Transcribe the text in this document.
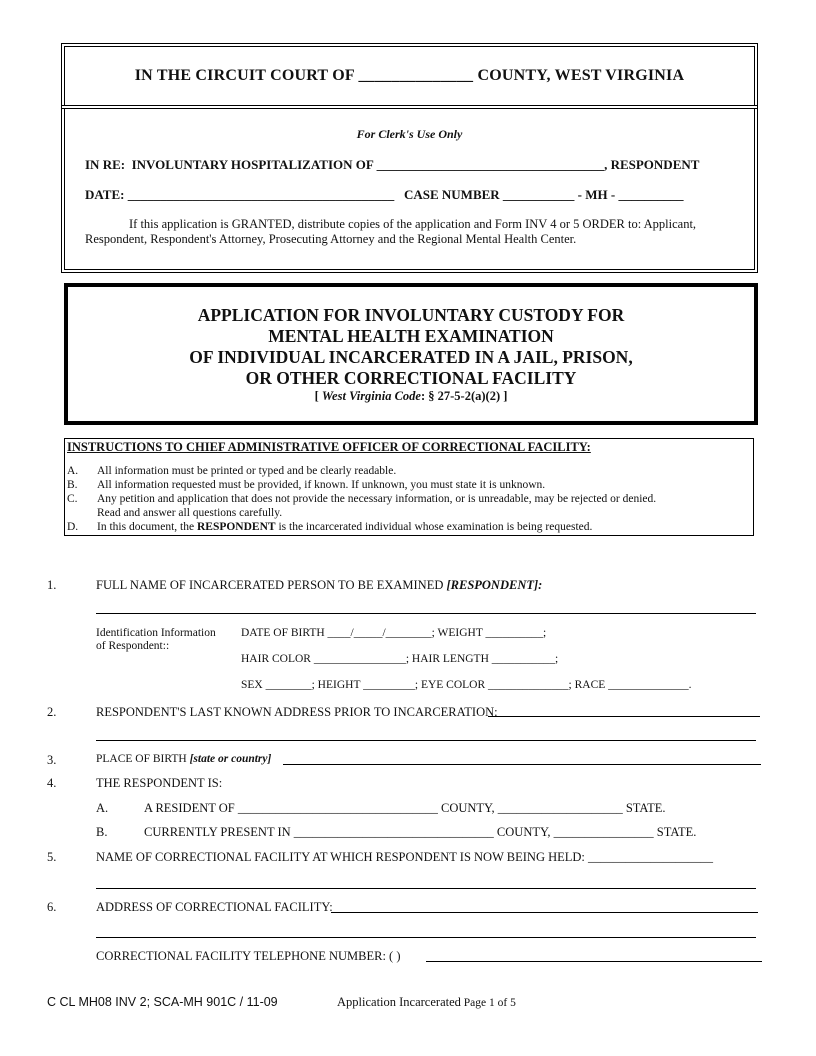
IN THE CIRCUIT COURT OF ______________ COUNTY, WEST VIRGINIA
For Clerk's Use Only
IN RE:  INVOLUNTARY HOSPITALIZATION OF ___________________________________, RESPONDENT
DATE: _________________________________________   CASE NUMBER ___________ - MH - __________
If this application is GRANTED, distribute copies of the application and Form INV 4 or 5 ORDER to: Applicant, Respondent, Respondent's Attorney, Prosecuting Attorney and the Regional Mental Health Center.
APPLICATION FOR INVOLUNTARY CUSTODY FOR
MENTAL HEALTH EXAMINATION
OF INDIVIDUAL INCARCERATED IN A JAIL, PRISON,
OR OTHER CORRECTIONAL FACILITY
[ West Virginia Code: § 27-5-2(a)(2) ]
INSTRUCTIONS TO CHIEF ADMINISTRATIVE OFFICER OF CORRECTIONAL FACILITY:
A. All information must be printed or typed and be clearly readable.
B. All information requested must be provided, if known. If unknown, you must state it is unknown.
C. Any petition and application that does not provide the necessary information, or is unreadable, may be rejected or denied.
Read and answer all questions carefully.
D. In this document, the RESPONDENT is the incarcerated individual whose examination is being requested.
1.	FULL NAME OF INCARCERATED PERSON TO BE EXAMINED [RESPONDENT]:
Identification Information
of Respondent::
DATE OF BIRTH ____/_____/________; WEIGHT __________;
HAIR COLOR ________________; HAIR LENGTH ___________;
SEX ________; HEIGHT _________; EYE COLOR ______________; RACE ______________.
2.	RESPONDENT'S LAST KNOWN ADDRESS PRIOR TO INCARCERATION:
3.	PLACE OF BIRTH [state or country]
4.	THE RESPONDENT IS:
A.	A RESIDENT OF ________________________________ COUNTY, ____________________ STATE.
B.	CURRENTLY PRESENT IN ________________________________ COUNTY, ________________ STATE.
5.	NAME OF CORRECTIONAL FACILITY AT WHICH RESPONDENT IS NOW BEING HELD: ____________________
6.	ADDRESS OF CORRECTIONAL FACILITY:
CORRECTIONAL FACILITY TELEPHONE NUMBER: ( )
C CL MH08 INV 2; SCA-MH 901C / 11-09	Application Incarcerated Page 1 of 5
